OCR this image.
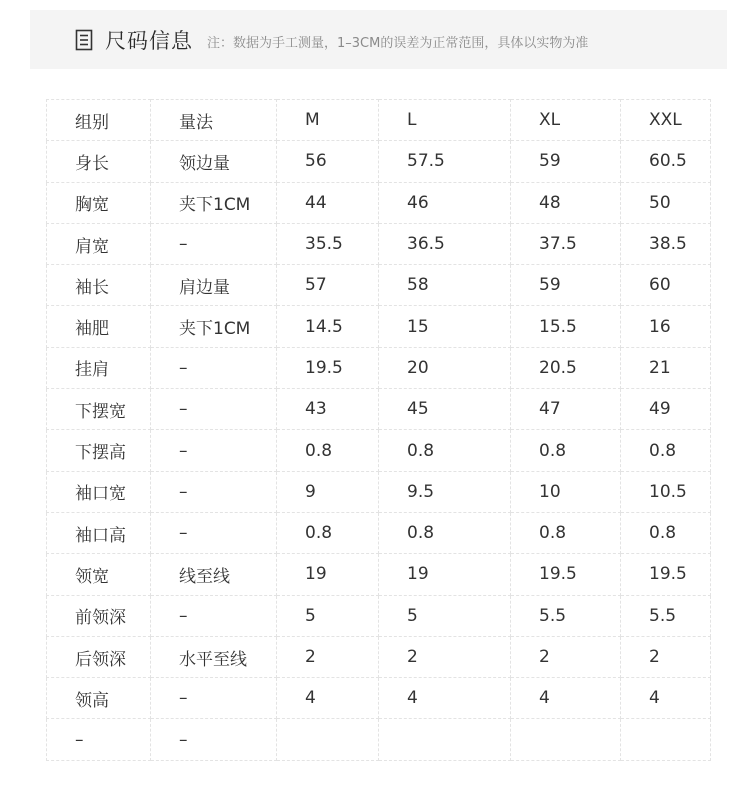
尺码信息 注：数据为手工测量，1–3CM的误差为正常范围，具体以实物为准
组别	量法	M	L	XL	XXL
身长	领边量	56	57.5	59	60.5
胸宽	夹下1CM	44	46	48	50
肩宽	–	35.5	36.5	37.5	38.5
袖长	肩边量	57	58	59	60
袖肥	夹下1CM	14.5	15	15.5	16
挂肩	–	19.5	20	20.5	21
下摆宽	–	43	45	47	49
下摆高	–	0.8	0.8	0.8	0.8
袖口宽	–	9	9.5	10	10.5
袖口高	–	0.8	0.8	0.8	0.8
领宽	线至线	19	19	19.5	19.5
前领深	–	5	5	5.5	5.5
后领深	水平至线	2	2	2	2
领高	–	4	4	4	4
–	–				
